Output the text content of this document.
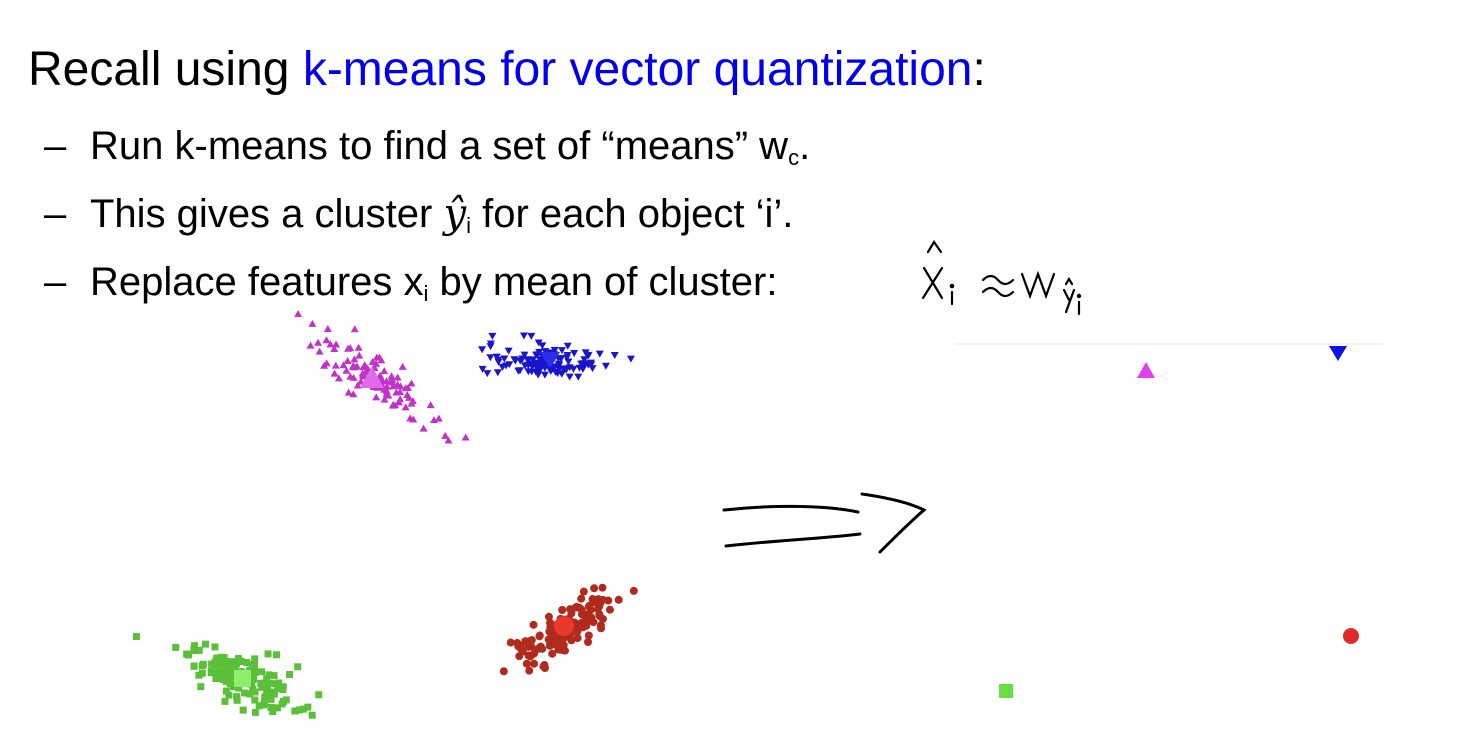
Recall using k-means for vector quantization:
– Run k-means to find a set of “means” $w_c$.
– This gives a cluster $ŷ_i$ for each object ‘i’.
– Replace features $x_i$ by mean of cluster:
